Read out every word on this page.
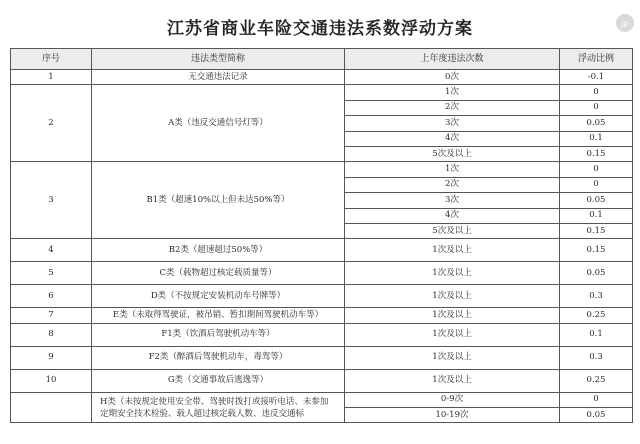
江苏省商业车险交通违法系数浮动方案	jp
序号	违法类型简称	上年度违法次数	浮动比例
1	无交通违法记录	0次	-0.1
2	A类（违反交通信号灯等）	1次	0
		2次	0
		3次	0.05
		4次	0.1
		5次及以上	0.15
3	B1类（超速10%以上但未达50%等）	1次	0
		2次	0
		3次	0.05
		4次	0.1
		5次及以上	0.15
4	B2类（超速超过50%等）	1次及以上	0.15
5	C类（载物超过核定载质量等）	1次及以上	0.05
6	D类（不按规定安装机动车号牌等）	1次及以上	0.3
7	E类（未取得驾驶证，被吊销、暂扣期间驾驶机动车等）	1次及以上	0.25
8	F1类（饮酒后驾驶机动车等）	1次及以上	0.1
9	F2类（醉酒后驾驶机动车，毒驾等）	1次及以上	0.3
10	G类（交通事故后逃逸等）	1次及以上	0.25
	H类（未按规定使用安全带、驾驶时拨打或接听电话、未参加定期安全技术检验、载人超过核定载人数、违反交通标	0-9次	0
		10-19次	0.05
